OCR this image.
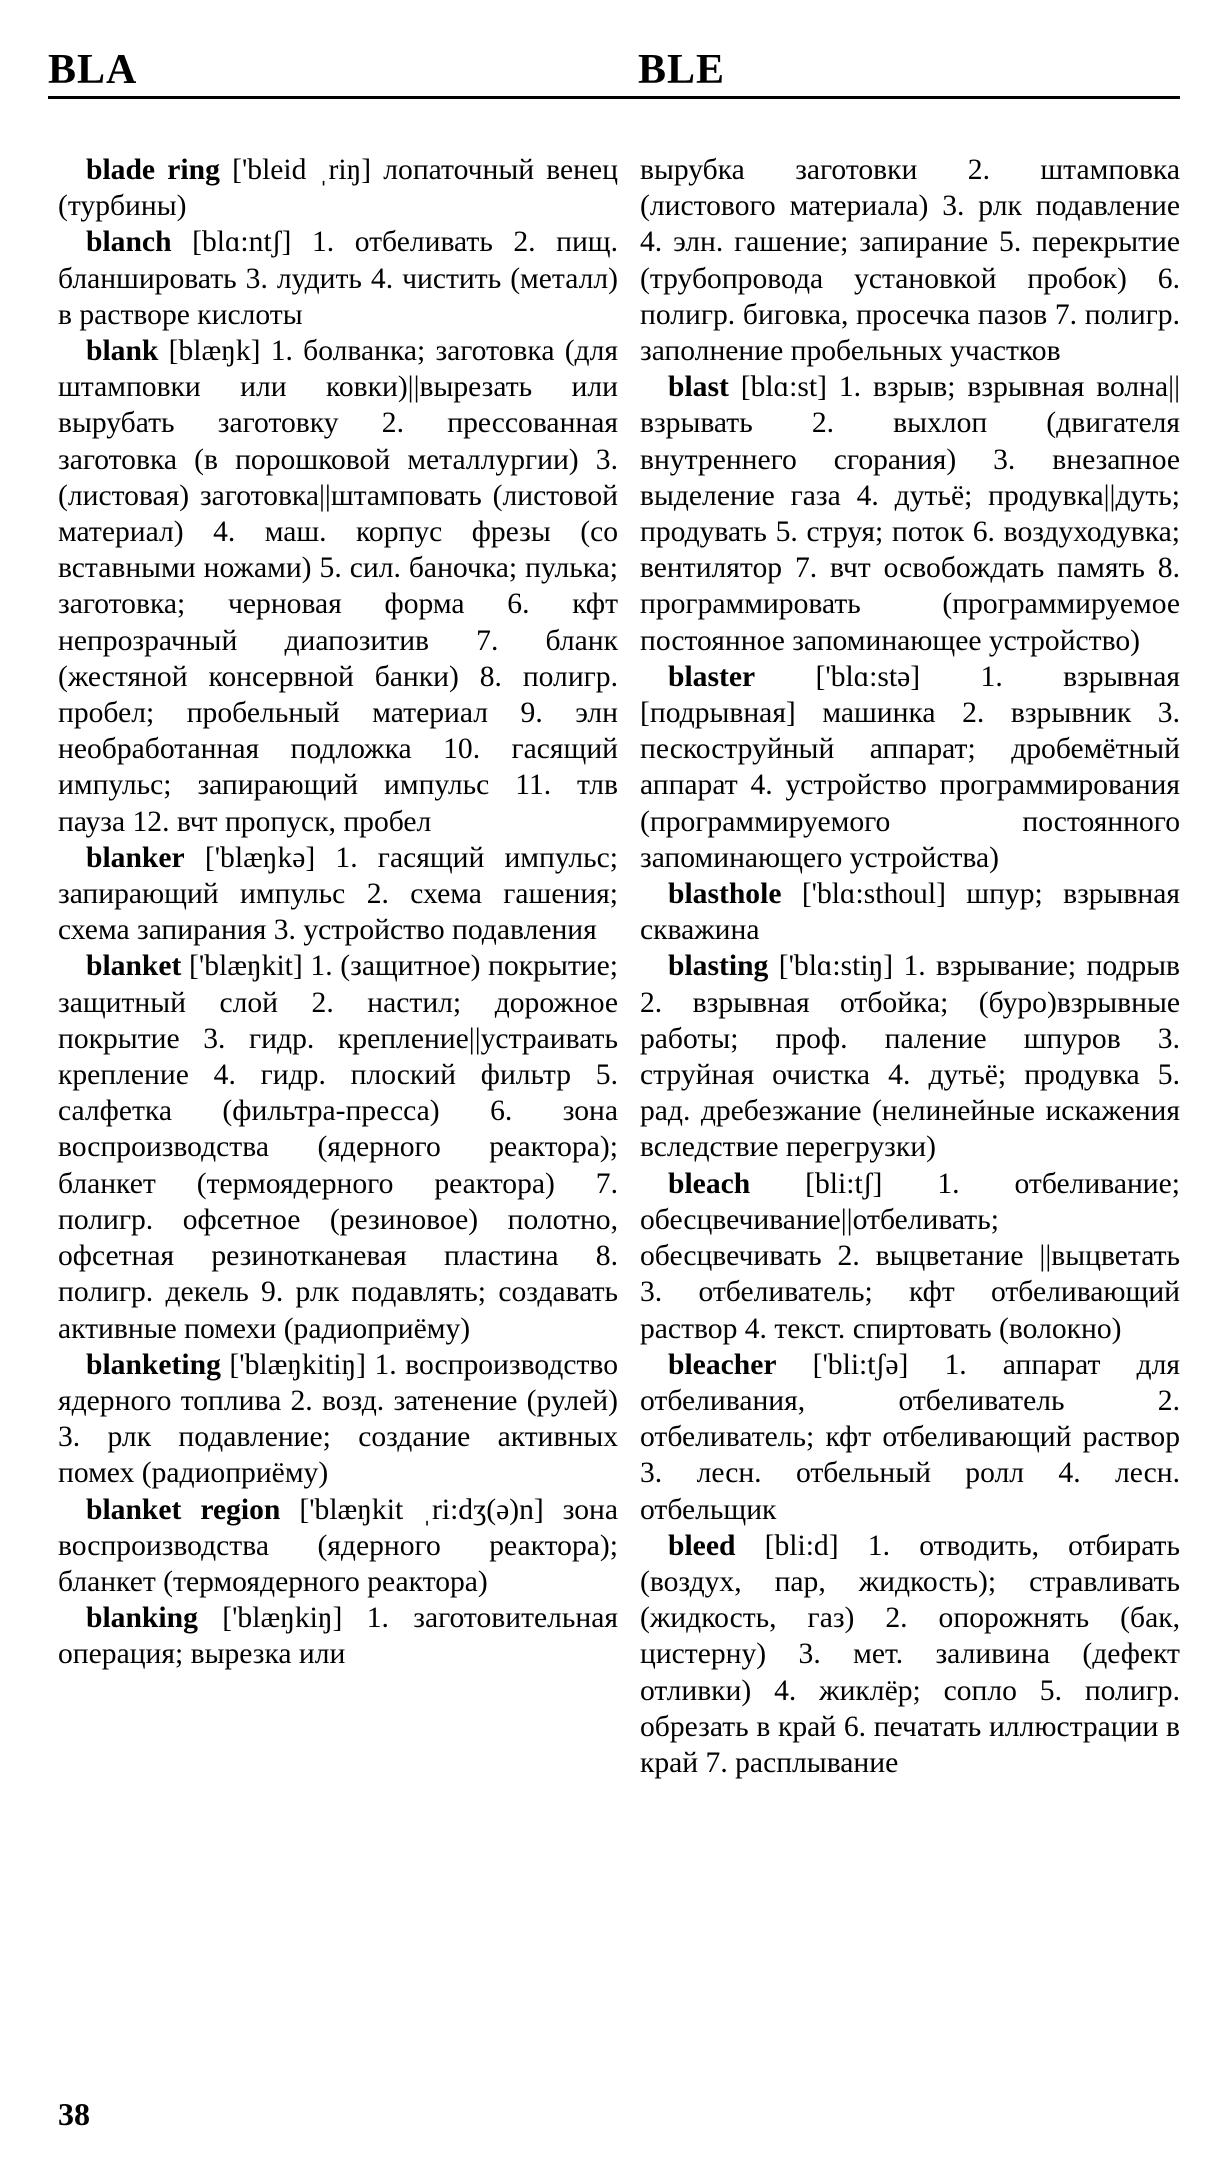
BLA	BLE

blade ring ['bleid ˌriŋ] лопаточный венец (турбины)

blanch [blɑ:ntʃ] 1. отбеливать 2. пищ. бланшировать 3. лудить 4. чистить (металл) в растворе кислоты

blank [blæŋk] 1. болванка; заготовка (для штамповки или ковки)||вырезать или вырубать заготовку 2. прессованная заготовка (в порошковой металлургии) 3. (листовая) заготовка||штамповать (листовой материал) 4. маш. корпус фрезы (со вставными ножами) 5. сил. баночка; пулька; заготовка; черновая форма 6. кфт непрозрачный диапозитив 7. бланк (жестяной консервной банки) 8. полигр. пробел; пробельный материал 9. элн необработанная подложка 10. гасящий импульс; запирающий импульс 11. тлв пауза 12. вчт пропуск, пробел

blanker ['blæŋkə] 1. гасящий импульс; запирающий импульс 2. схема гашения; схема запирания 3. устройство подавления

blanket ['blæŋkit] 1. (защитное) покрытие; защитный слой 2. настил; дорожное покрытие 3. гидр. крепление||устраивать крепление 4. гидр. плоский фильтр 5. салфетка (фильтра-пресса) 6. зона воспроизводства (ядерного реактора); бланкет (термоядерного реактора) 7. полигр. офсетное (резиновое) полотно, офсетная резинотканевая пластина 8. полигр. декель 9. рлк подавлять; создавать активные помехи (радиоприёму)

blanketing ['blæŋkitiŋ] 1. воспроизводство ядерного топлива 2. возд. затенение (рулей) 3. рлк подавление; создание активных помех (радиоприёму)

blanket region ['blæŋkit ˌri:dʒ(ə)n] зона воспроизводства (ядерного реактора); бланкет (термоядерного реактора)

blanking ['blæŋkiŋ] 1. заготовительная операция; вырезка или

вырубка заготовки 2. штамповка (листового материала) 3. рлк подавление 4. элн. гашение; запирание 5. перекрытие (трубопровода установкой пробок) 6. полигр. биговка, просечка пазов 7. полигр. заполнение пробельных участков

blast [blɑ:st] 1. взрыв; взрывная волна||взрывать 2. выхлоп (двигателя внутреннего сгорания) 3. внезапное выделение газа 4. дутьё; продувка||дуть; продувать 5. струя; поток 6. воздуходувка; вентилятор 7. вчт освобождать память 8. программировать (программируемое постоянное запоминающее устройство)

blaster ['blɑ:stə] 1. взрывная [подрывная] машинка 2. взрывник 3. пескоструйный аппарат; дробемётный аппарат 4. устройство программирования (программируемого постоянного запоминающего устройства)

blasthole ['blɑ:sthoul] шпур; взрывная скважина

blasting ['blɑ:stiŋ] 1. взрывание; подрыв 2. взрывная отбойка; (буро)взрывные работы; проф. паление шпуров 3. струйная очистка 4. дутьё; продувка 5. рад. дребезжание (нелинейные искажения вследствие перегрузки)

bleach [bli:tʃ] 1. отбеливание; обесцвечивание||отбеливать; обесцвечивать 2. выцветание ||выцветать 3. отбеливатель; кфт отбеливающий раствор 4. текст. спиртовать (волокно)

bleacher ['bli:tʃə] 1. аппарат для отбеливания, отбеливатель 2. отбеливатель; кфт отбеливающий раствор 3. лесн. отбельный ролл 4. лесн. отбельщик

bleed [bli:d] 1. отводить, отбирать (воздух, пар, жидкость); стравливать (жидкость, газ) 2. опорожнять (бак, цистерну) 3. мет. заливина (дефект отливки) 4. жиклёр; сопло 5. полигр. обрезать в край 6. печатать иллюстрации в край 7. расплывание

38
